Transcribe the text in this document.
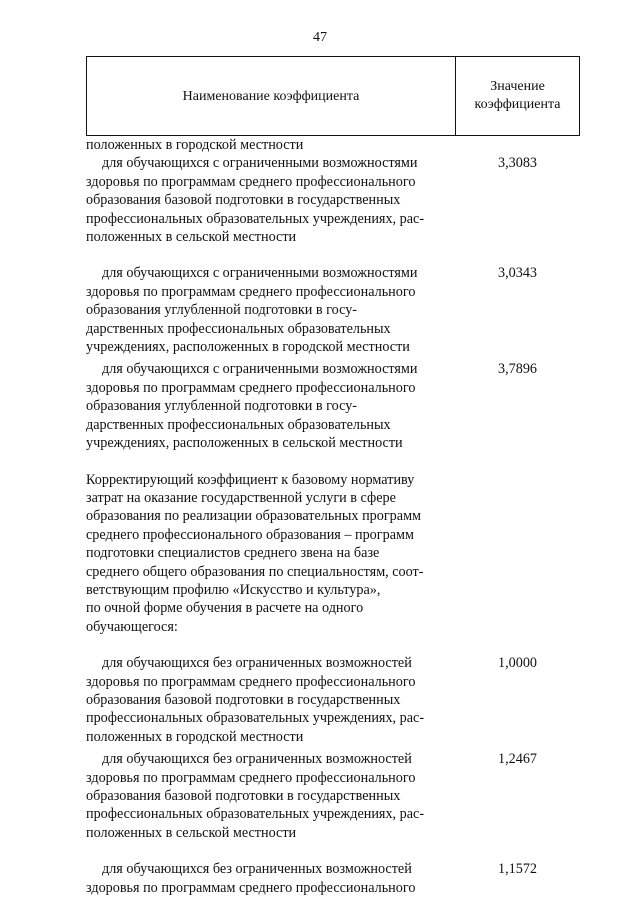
47
Наименование коэффициента
Значение
коэффициента
положенных в городской местности
для обучающихся с ограниченными возможностями
здоровья по программам среднего профессионального
образования базовой подготовки в государственных
профессиональных образовательных учреждениях, рас-
положенных в сельской местности
3,3083
для обучающихся с ограниченными возможностями
здоровья по программам среднего профессионального
образования углубленной подготовки в госу-
дарственных профессиональных образовательных
учреждениях, расположенных в городской местности
3,0343
для обучающихся с ограниченными возможностями
здоровья по программам среднего профессионального
образования углубленной подготовки в госу-
дарственных профессиональных образовательных
учреждениях, расположенных в сельской местности
3,7896
Корректирующий коэффициент к базовому нормативу
затрат на оказание государственной услуги в сфере
образования по реализации образовательных программ
среднего профессионального образования – программ
подготовки специалистов среднего звена на базе
среднего общего образования по специальностям, соот-
ветствующим профилю «Искусство и культура»,
по очной форме обучения в расчете на одного
обучающегося:
для обучающихся без ограниченных возможностей
здоровья по программам среднего профессионального
образования базовой подготовки в государственных
профессиональных образовательных учреждениях, рас-
положенных в городской местности
1,0000
для обучающихся без ограниченных возможностей
здоровья по программам среднего профессионального
образования базовой подготовки в государственных
профессиональных образовательных учреждениях, рас-
положенных в сельской местности
1,2467
для обучающихся без ограниченных возможностей
здоровья по программам среднего профессионального
1,1572
